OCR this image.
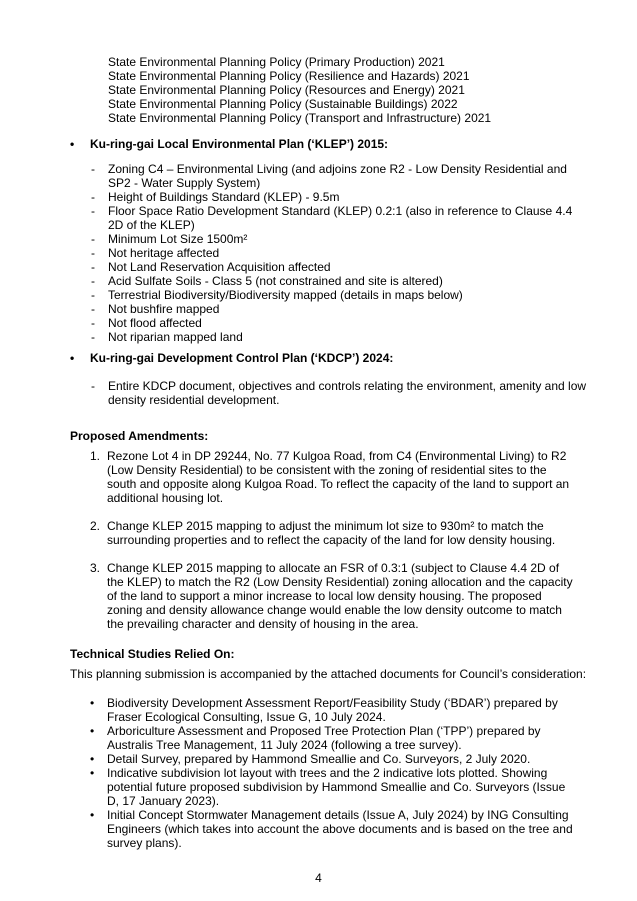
State Environmental Planning Policy (Primary Production) 2021
State Environmental Planning Policy (Resilience and Hazards) 2021
State Environmental Planning Policy (Resources and Energy) 2021
State Environmental Planning Policy (Sustainable Buildings) 2022
State Environmental Planning Policy (Transport and Infrastructure) 2021
• Ku-ring-gai Local Environmental Plan (‘KLEP’) 2015:
-	Zoning C4 – Environmental Living (and adjoins zone R2 - Low Density Residential and SP2 - Water Supply System)
-	Height of Buildings Standard (KLEP) - 9.5m
-	Floor Space Ratio Development Standard (KLEP) 0.2:1 (also in reference to Clause 4.4 2D of the KLEP)
-	Minimum Lot Size 1500m²
-	Not heritage affected
-	Not Land Reservation Acquisition affected
-	Acid Sulfate Soils - Class 5 (not constrained and site is altered)
-	Terrestrial Biodiversity/Biodiversity mapped (details in maps below)
-	Not bushfire mapped
-	Not flood affected
-	Not riparian mapped land
• Ku-ring-gai Development Control Plan (‘KDCP’) 2024:
-	Entire KDCP document, objectives and controls relating the environment, amenity and low density residential development.
Proposed Amendments:
1. Rezone Lot 4 in DP 29244, No. 77 Kulgoa Road, from C4 (Environmental Living) to R2 (Low Density Residential) to be consistent with the zoning of residential sites to the south and opposite along Kulgoa Road. To reflect the capacity of the land to support an additional housing lot.
2. Change KLEP 2015 mapping to adjust the minimum lot size to 930m² to match the surrounding properties and to reflect the capacity of the land for low density housing.
3. Change KLEP 2015 mapping to allocate an FSR of 0.3:1 (subject to Clause 4.4 2D of the KLEP) to match the R2 (Low Density Residential) zoning allocation and the capacity of the land to support a minor increase to local low density housing. The proposed zoning and density allowance change would enable the low density outcome to match the prevailing character and density of housing in the area.
Technical Studies Relied On:
This planning submission is accompanied by the attached documents for Council’s consideration:
•	Biodiversity Development Assessment Report/Feasibility Study (‘BDAR’) prepared by Fraser Ecological Consulting, Issue G, 10 July 2024.
•	Arboriculture Assessment and Proposed Tree Protection Plan (‘TPP’) prepared by Australis Tree Management, 11 July 2024 (following a tree survey).
•	Detail Survey, prepared by Hammond Smeallie and Co. Surveyors, 2 July 2020.
•	Indicative subdivision lot layout with trees and the 2 indicative lots plotted. Showing potential future proposed subdivision by Hammond Smeallie and Co. Surveyors (Issue D, 17 January 2023).
•	Initial Concept Stormwater Management details (Issue A, July 2024) by ING Consulting Engineers (which takes into account the above documents and is based on the tree and survey plans).
4
